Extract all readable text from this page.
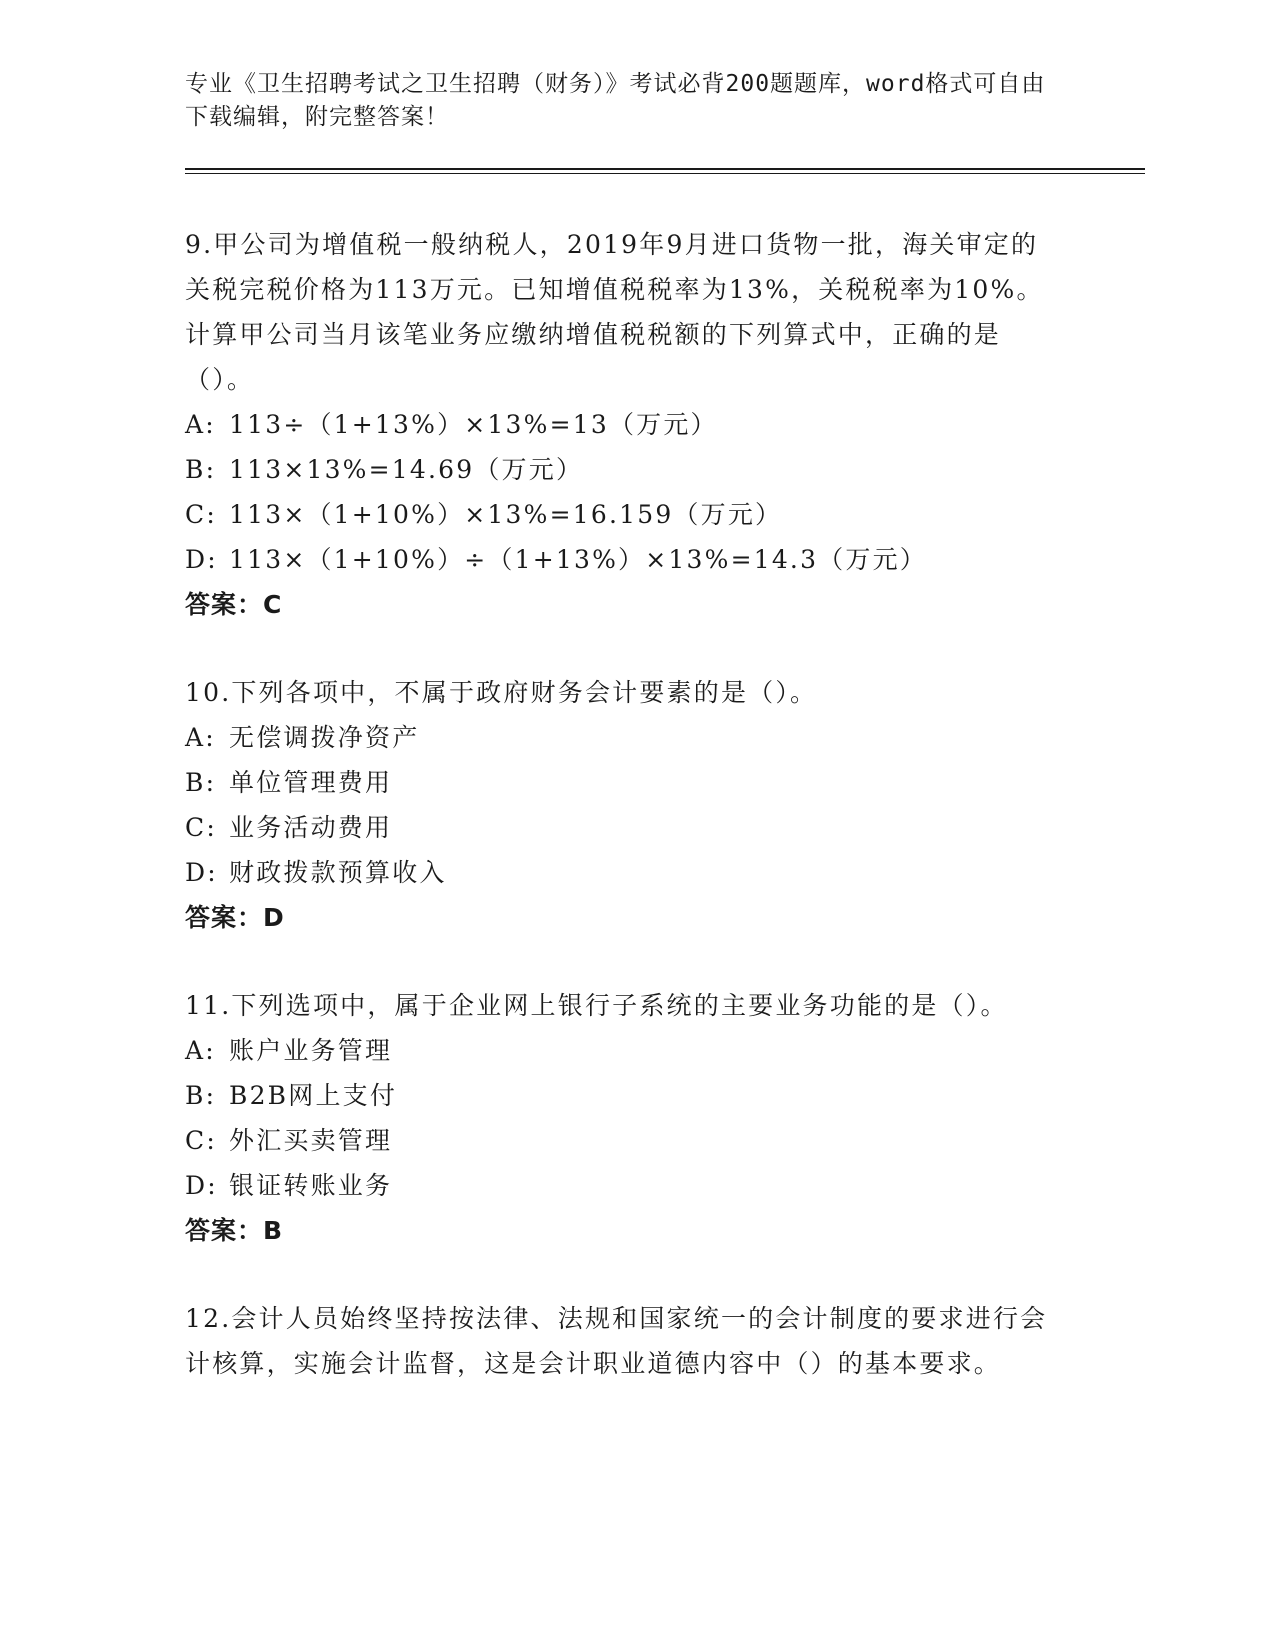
专业《卫生招聘考试之卫生招聘（财务）》考试必背200题题库，word格式可自由下载编辑，附完整答案！
9.甲公司为增值税一般纳税人，2019年9月进口货物一批，海关审定的关税完税价格为113万元。已知增值税税率为13%，关税税率为10%。计算甲公司当月该笔业务应缴纳增值税税额的下列算式中，正确的是（）。
A: 113÷（1+13%）×13%=13（万元）
B: 113×13%=14.69（万元）
C: 113×（1+10%）×13%=16.159（万元）
D: 113×（1+10%）÷（1+13%）×13%=14.3（万元）
答案：C
10.下列各项中，不属于政府财务会计要素的是（）。
A: 无偿调拨净资产
B: 单位管理费用
C: 业务活动费用
D: 财政拨款预算收入
答案：D
11.下列选项中，属于企业网上银行子系统的主要业务功能的是（）。
A: 账户业务管理
B: B2B网上支付
C: 外汇买卖管理
D: 银证转账业务
答案：B
12.会计人员始终坚持按法律、法规和国家统一的会计制度的要求进行会计核算，实施会计监督，这是会计职业道德内容中（）的基本要求。
